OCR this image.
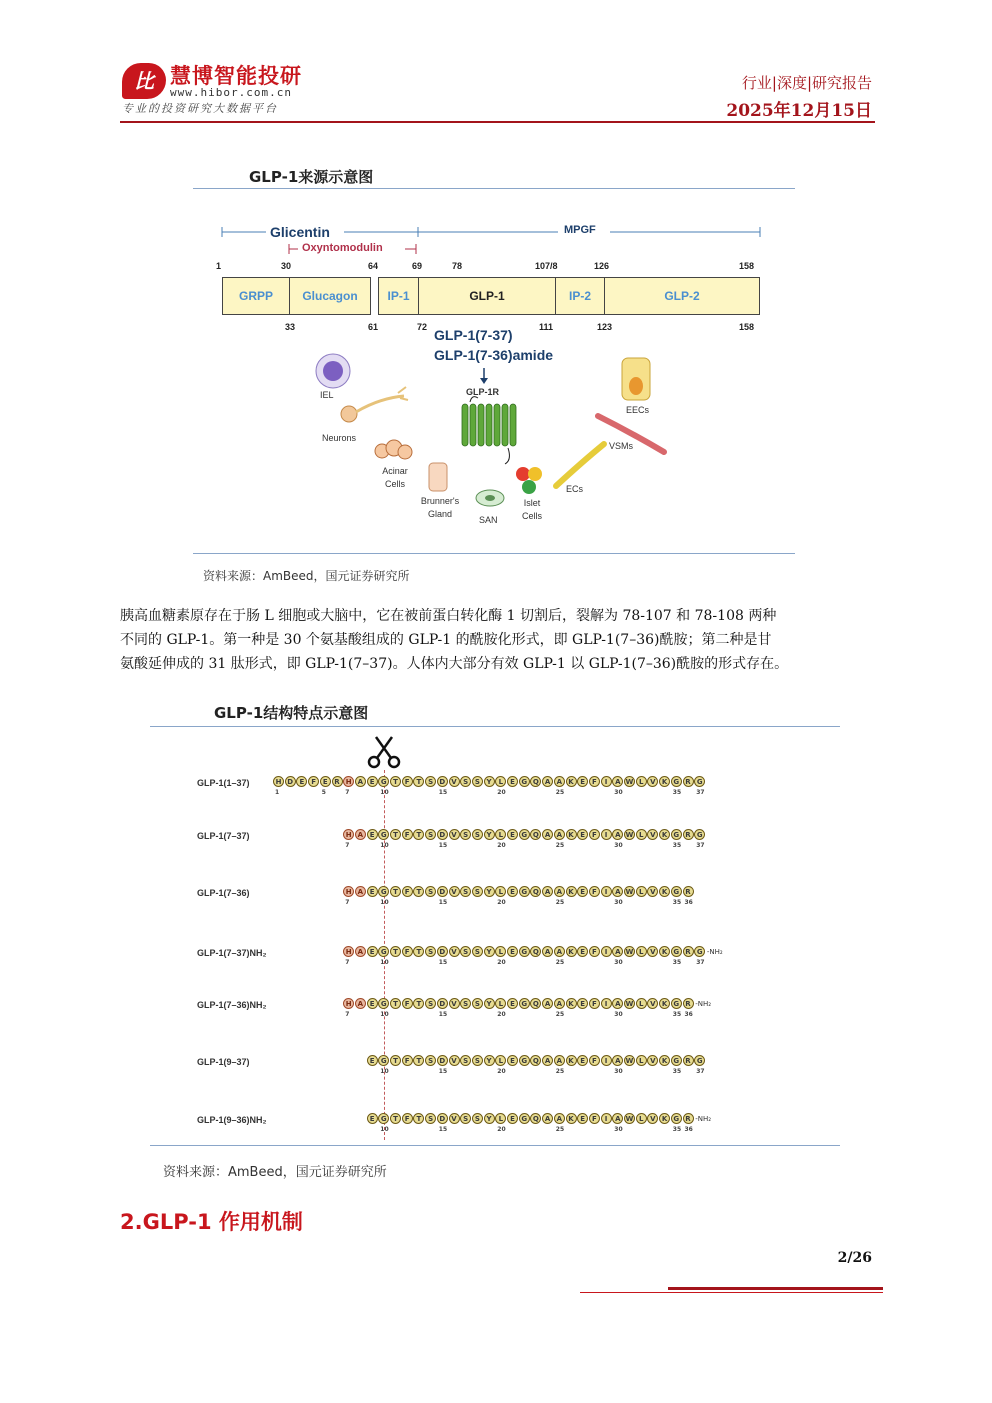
比 慧博智能投研
www.hibor.com.cn
专业的投资研究大数据平台
行业|深度|研究报告
2025年12月15日
GLP-1来源示意图
Glicentin	MPGF
Oxyntomodulin
1	30	64	69	78	107/8	126	158
GRPP	Glucagon	IP-1	GLP-1	IP-2	GLP-2
33	61	72	111	123	158
GLP-1(7-37)
GLP-1(7-36)amide
GLP-1R
IEL
Neurons
Acinar
Cells
Brunner's
Gland
SAN
Islet
Cells
ECs
VSMs
EECs
资料来源：AmBeed，国元证券研究所

胰高血糖素原存在于肠 L 细胞或大脑中，它在被前蛋白转化酶 1 切割后，裂解为 78-107 和 78-108 两种

不同的 GLP-1。第一种是 30 个氨基酸组成的 GLP-1 的酰胺化形式，即 GLP-1(7–36)酰胺；第二种是甘

氨酸延伸成的 31 肽形式，即 GLP-1(7–37)。人体内大部分有效 GLP-1 以 GLP-1(7–36)酰胺的形式存在。

GLP-1结构特点示意图
GLP-1(1–37)	H D E F E R H A E G T F T S D V S S Y L	E G Q A A K E F	I	A W L V K G R G
1	5	7	10	15	20	25	30	35	37
GLP-1(7–37)	H A E G T F T S D V S S Y L	E G Q A A K E F	I	A W L V K G R G
7	10	15	20	25	30	35	37
GLP-1(7–36)	H A E G T F T S D V S S Y L	E G Q A A K E F	I	A W L V K G R
7	10	15	20	25	30	35 36
GLP-1(7–37)NH₂	H A E G T F T S D V S S Y L	E G Q A A K E F	I	A W L V K G R G
7	10	15	20	25	30	35	37
-NH₂
GLP-1(7–36)NH₂	H A E G T F T S D V S S Y L	E G Q A A K E F	I	A W L V K G R
7	10	15	20	25	30	35 36
-NH₂
GLP-1(9–37)	E G T F T S D V S S Y L	E G Q A A K E F	I	A W L V K G R G
10	15	20	25	30	35	37
GLP-1(9–36)NH₂	E G T F T S D V S S Y L	E G Q A A K E F	I	A W L V K G R
10	15	20	25	30	35 36
-NH₂
资料来源：AmBeed，国元证券研究所
2.GLP-1 作用机制
2/26
